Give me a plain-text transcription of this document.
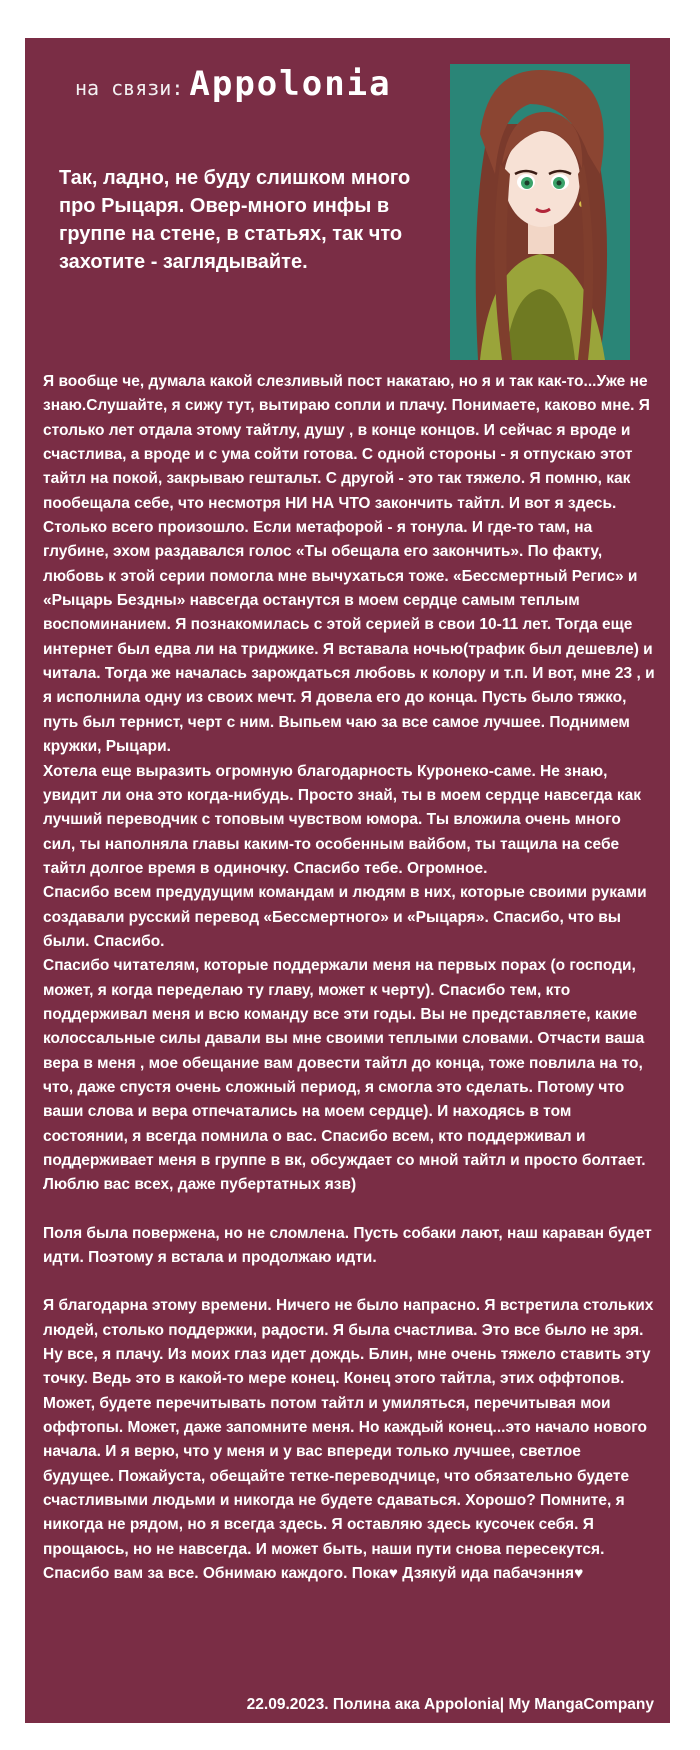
на связи: Appolonia
Так, ладно, не буду слишком много про Рыцаря. Овер-много инфы в группе на стене, в статьях, так что захотите - заглядывайте.

Я вообще че, думала какой слезливый пост накатаю, но я и так как-то...Уже не знаю.Слушайте, я сижу тут, вытираю сопли и плачу. Понимаете, каково мне. Я столько лет отдала этому тайтлу, душу , в конце концов. И сейчас я вроде и счастлива, а вроде и с ума сойти готова. С одной стороны - я отпускаю этот тайтл на покой, закрываю гештальт. С другой - это так тяжело. Я помню, как пообещала себе, что несмотря НИ НА ЧТО закончить тайтл. И вот я здесь. Столько всего произошло. Если метафорой - я тонула. И где-то там, на глубине, эхом раздавался голос «Ты обещала его закончить». По факту, любовь к этой серии помогла мне вычухаться тоже. «Бессмертный Регис» и «Рыцарь Бездны» навсегда останутся в моем сердце самым теплым воспоминанием. Я познакомилась с этой серией в свои 10-11 лет. Тогда еще интернет был едва ли на триджике. Я вставала ночью(трафик был дешевле) и читала. Тогда же началась зарождаться любовь к колору и т.п. И вот, мне 23 , и я исполнила одну из своих мечт. Я довела его до конца. Пусть было тяжко, путь был тернист, черт с ним. Выпьем чаю за все самое лучшее. Поднимем кружки, Рыцари.

Хотела еще выразить огромную благодарность Куронеко-саме. Не знаю, увидит ли она это когда-нибудь. Просто знай, ты в моем сердце навсегда как лучший переводчик с топовым чувством юмора. Ты вложила очень много сил, ты наполняла главы каким-то особенным вайбом, ты тащила на себе тайтл долгое время в одиночку. Спасибо тебе. Огромное.

Спасибо всем предудущим командам и людям в них, которые своими руками создавали русский перевод «Бессмертного» и «Рыцаря». Спасибо, что вы были. Спасибо.

Спасибо читателям, которые поддержали меня на первых порах (о господи, может, я когда переделаю ту главу, может к черту). Спасибо тем, кто поддерживал меня и всю команду все эти годы. Вы не представляете, какие колоссальные силы давали вы мне своими теплыми словами. Отчасти ваша вера в меня , мое обещание вам довести тайтл до конца, тоже повлила на то, что, даже спустя очень сложный период, я смогла это сделать. Потому что ваши слова и вера отпечатались на моем сердце). И находясь в том состоянии, я всегда помнила о вас. Спасибо всем, кто поддерживал и поддерживает меня в группе в вк, обсуждает со мной тайтл и просто болтает. Люблю вас всех, даже пубертатных язв)

Поля была повержена, но не сломлена. Пусть собаки лают, наш караван будет идти. Поэтому я встала и продолжаю идти.

Я благодарна этому времени. Ничего не было напрасно. Я встретила стольких людей, столько поддержки, радости. Я была счастлива. Это все было не зря. Ну все, я плачу. Из моих глаз идет дождь. Блин, мне очень тяжело ставить эту точку. Ведь это в какой-то мере конец. Конец этого тайтла, этих оффтопов. Может, будете перечитывать потом тайтл и умиляться, перечитывая мои оффтопы. Может, даже запомните меня. Но каждый конец...это начало нового начала. И я верю, что у меня и у вас впереди только лучшее, светлое будущее. Пожайуста, обещайте тетке-переводчице, что обязательно будете счастливыми людьми и никогда не будете сдаваться. Хорошо? Помните, я никогда не рядом, но я всегда здесь. Я оставляю здесь кусочек себя. Я прощаюсь, но не навсегда. И может быть, наши пути снова пересекутся. Спасибо вам за все. Обнимаю каждого. Пока♥ Дзякуй ида пабачэння♥

22.09.2023. Полина ака Appolonia| My MangaCompany
